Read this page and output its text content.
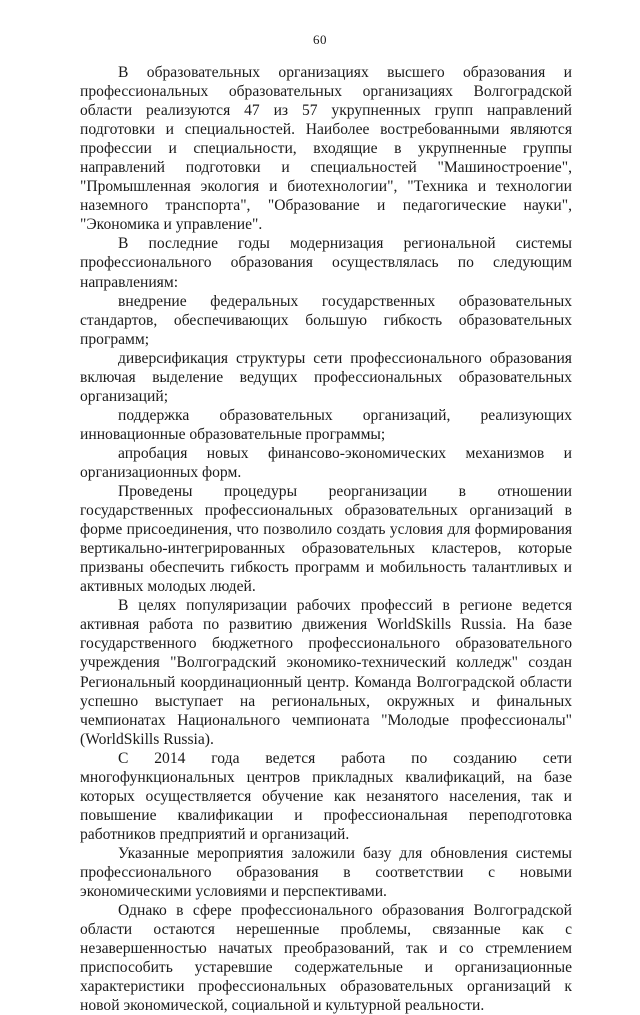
60

В образовательных организациях высшего образования и профессиональных образовательных организациях Волгоградской области реализуются 47 из 57 укрупненных групп направлений подготовки и специальностей. Наиболее востребованными являются профессии и специальности, входящие в укрупненные группы направлений подготовки и специальностей "Машиностроение", "Промышленная экология и биотехнологии", "Техника и технологии наземного транспорта", "Образование и педагогические науки", "Экономика и управление".

В последние годы модернизация региональной системы профессионального образования осуществлялась по следующим направлениям:

внедрение федеральных государственных образовательных стандартов, обеспечивающих большую гибкость образовательных программ;

диверсификация структуры сети профессионального образования включая выделение ведущих профессиональных образовательных организаций;

поддержка образовательных организаций, реализующих инновационные образовательные программы;

апробация новых финансово-экономических механизмов и организационных форм.

Проведены процедуры реорганизации в отношении государственных профессиональных образовательных организаций в форме присоединения, что позволило создать условия для формирования вертикально-интегрированных образовательных кластеров, которые призваны обеспечить гибкость программ и мобильность талантливых и активных молодых людей.

В целях популяризации рабочих профессий в регионе ведется активная работа по развитию движения WorldSkills Russia. На базе государственного бюджетного профессионального образовательного учреждения "Волгоградский экономико-технический колледж" создан Региональный координационный центр. Команда Волгоградской области успешно выступает на региональных, окружных и финальных чемпионатах Национального чемпионата "Молодые профессионалы" (WorldSkills Russia).

С 2014 года ведется работа по созданию сети многофункциональных центров прикладных квалификаций, на базе которых осуществляется обучение как незанятого населения, так и повышение квалификации и профессиональная переподготовка работников предприятий и организаций.

Указанные мероприятия заложили базу для обновления системы профессионального образования в соответствии с новыми экономическими условиями и перспективами.

Однако в сфере профессионального образования Волгоградской области остаются нерешенные проблемы, связанные как с незавершенностью начатых преобразований, так и со стремлением приспособить устаревшие содержательные и организационные характеристики профессиональных образовательных организаций к новой экономической, социальной и культурной реальности.
